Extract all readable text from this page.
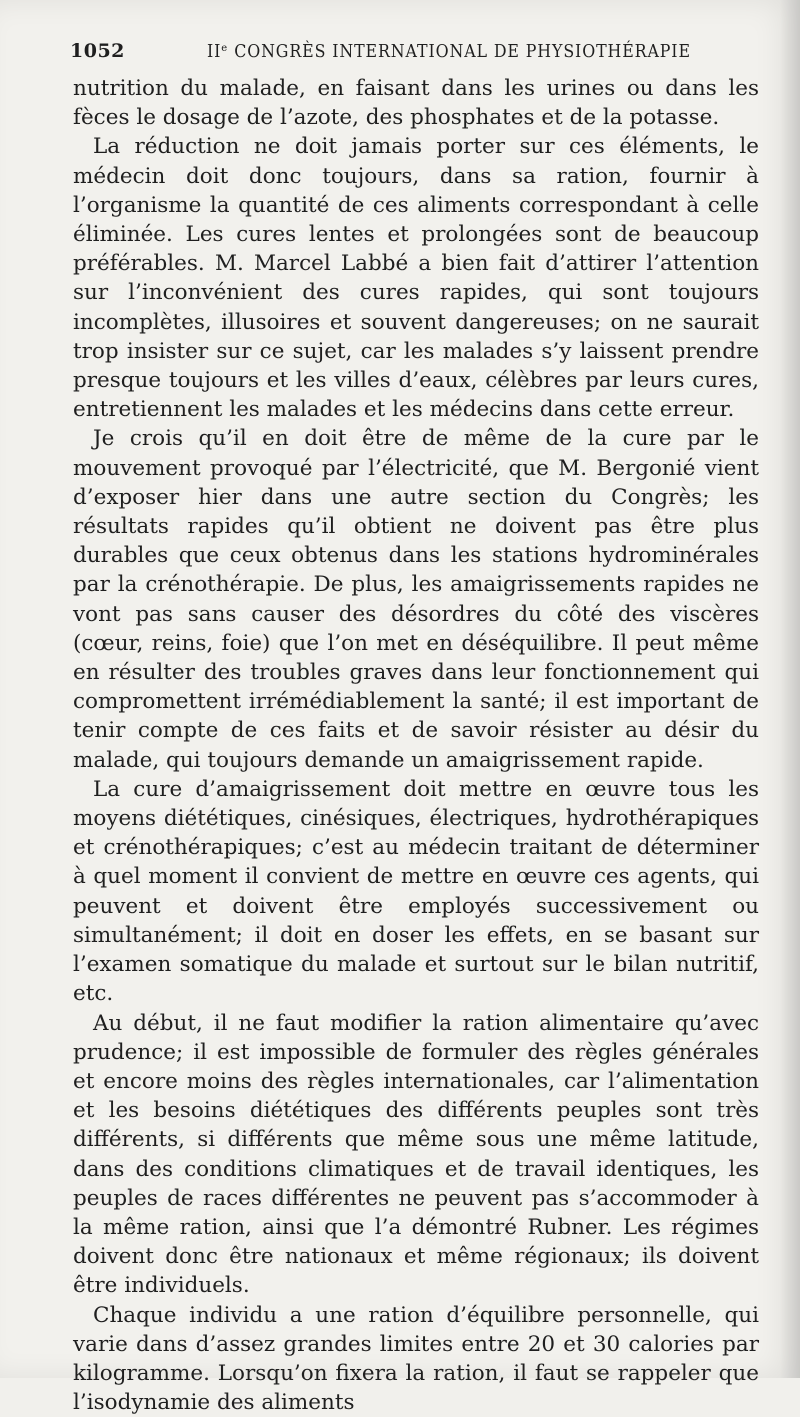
1052	IIᵉ CONGRÈS INTERNATIONAL DE PHYSIOTHÉRAPIE

nutrition du malade, en faisant dans les urines ou dans les fèces le dosage de l’azote, des phosphates et de la potasse.

La réduction ne doit jamais porter sur ces éléments, le médecin doit donc toujours, dans sa ration, fournir à l’organisme la quantité de ces aliments correspondant à celle éliminée. Les cures lentes et prolongées sont de beaucoup préférables. M. Marcel Labbé a bien fait d’attirer l’attention sur l’inconvénient des cures rapides, qui sont toujours incomplètes, illusoires et souvent dangereuses; on ne saurait trop insister sur ce sujet, car les malades s’y laissent prendre presque toujours et les villes d’eaux, célèbres par leurs cures, entretiennent les malades et les médecins dans cette erreur.

Je crois qu’il en doit être de même de la cure par le mouvement provoqué par l’électricité, que M. Bergonié vient d’exposer hier dans une autre section du Congrès; les résultats rapides qu’il obtient ne doivent pas être plus durables que ceux obtenus dans les stations hydrominérales par la crénothérapie. De plus, les amaigrissements rapides ne vont pas sans causer des désordres du côté des viscères (cœur, reins, foie) que l’on met en déséquilibre. Il peut même en résulter des troubles graves dans leur fonctionnement qui compromettent irrémédiablement la santé; il est important de tenir compte de ces faits et de savoir résister au désir du malade, qui toujours demande un amaigrissement rapide.

La cure d’amaigrissement doit mettre en œuvre tous les moyens diététiques, cinésiques, électriques, hydrothérapiques et crénothérapiques; c’est au médecin traitant de déterminer à quel moment il convient de mettre en œuvre ces agents, qui peuvent et doivent être employés successivement ou simultanément; il doit en doser les effets, en se basant sur l’examen somatique du malade et surtout sur le bilan nutritif, etc.

Au début, il ne faut modifier la ration alimentaire qu’avec prudence; il est impossible de formuler des règles générales et encore moins des règles internationales, car l’alimentation et les besoins diététiques des différents peuples sont très différents, si différents que même sous une même latitude, dans des conditions climatiques et de travail identiques, les peuples de races différentes ne peuvent pas s’accommoder à la même ration, ainsi que l’a démontré Rubner. Les régimes doivent donc être nationaux et même régionaux; ils doivent être individuels.

Chaque individu a une ration d’équilibre personnelle, qui varie dans d’assez grandes limites entre 20 et 30 calories par kilogramme. Lorsqu’on fixera la ration, il faut se rappeler que l’isodynamie des aliments
